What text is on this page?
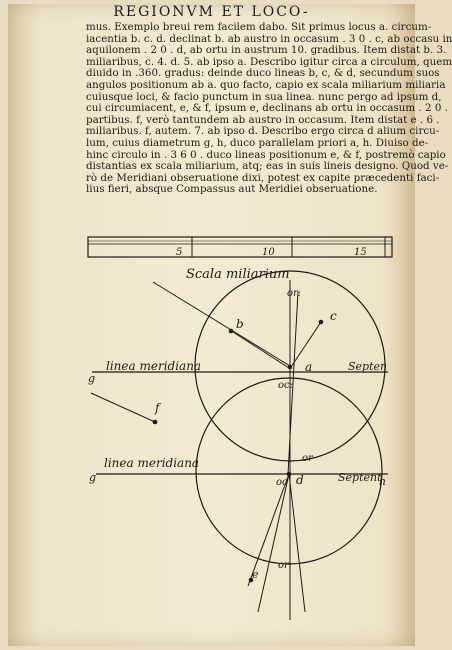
REGIONVM ET LOCO-
mus. Exemplo breui rem facilem dabo. Sit primus locus a. circum-
iacentia b. c. d. declinat b. ab austro in occasum . 3 0 . c, ab occasu in
aquilonem . 2 0 . d, ab ortu in austrum 10. gradibus. Item distat b. 3.
miliaribus, c. 4. d. 5. ab ipso a. Describo igitur circa a circulum, quem
diuido in .360. gradus: deinde duco lineas b, c, & d, secundum suos
angulos positionum ab a. quo facto, capio ex scala miliarium miliaria
cuiusque loci, & facio punctum in sua linea. nunc pergo ad ipsum d,
cui circumiacent, e, & f, ipsum e, declinans ab ortu in occasum . 2 0 .
partibus. f, verò tantundem ab austro in occasum. Item distat e . 6 .
miliaribus. f, autem. 7. ab ipso d. Describo ergo circa d alium circu-
lum, cuius diametrum g, h, duco parallelam priori a, h. Diuiso de-
hinc circulo in . 3 6 0 . duco lineas positionum e, & f, postremò capio
distantias ex scala miliarium, atq; eas in suis lineis designo. Quod ve-
rò de Meridiani obseruatione dixi, potest ex capite præcedenti faci-
lius fieri, absque Compassus aut Meridiei obseruatione.
5	10	15
Scala miliarium
linea meridiana
linea meridiana
Septen
Septent
a
b
c
d
e
f
g
g	h
or:
oc:
or
oc
or:
